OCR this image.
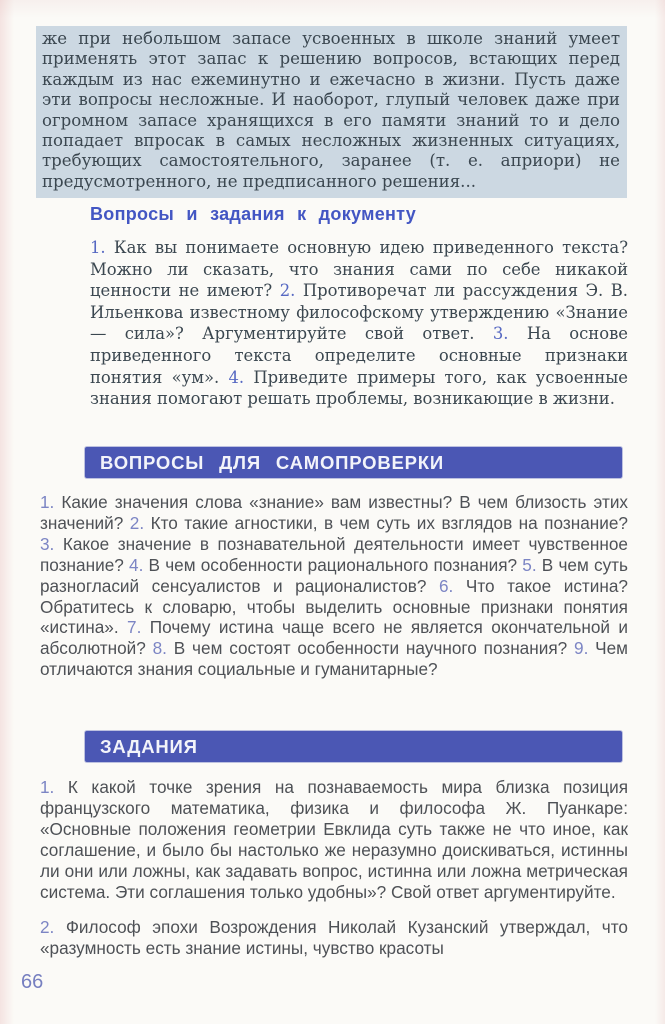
же при небольшом запасе усвоенных в школе знаний умеет применять этот запас к решению вопросов, встающих перед каждым из нас ежеминутно и ежечасно в жизни. Пусть даже эти вопросы несложные. И наоборот, глупый человек даже при огромном запасе хранящихся в его памяти знаний то и дело попадает впросак в самых несложных жизненных ситуациях, требующих самостоятельного, заранее (т. е. априори) не предусмотренного, не предписанного решения...

Вопросы и задания к документу

1. Как вы понимаете основную идею приведенного текста? Можно ли сказать, что знания сами по себе никакой ценности не имеют? 2. Противоречат ли рассуждения Э. В. Ильенкова известному философскому утверждению «Знание — сила»? Аргументируйте свой ответ. 3. На основе приведенного текста определите основные признаки понятия «ум». 4. Приведите примеры того, как усвоенные знания помогают решать проблемы, возникающие в жизни.

ВОПРОСЫ ДЛЯ САМОПРОВЕРКИ

1. Какие значения слова «знание» вам известны? В чем близость этих значений? 2. Кто такие агностики, в чем суть их взглядов на познание? 3. Какое значение в познавательной деятельности имеет чувственное познание? 4. В чем особенности рационального познания? 5. В чем суть разногласий сенсуалистов и рационалистов? 6. Что такое истина? Обратитесь к словарю, чтобы выделить основные признаки понятия «истина». 7. Почему истина чаще всего не является окончательной и абсолютной? 8. В чем состоят особенности научного познания? 9. Чем отличаются знания социальные и гуманитарные?

ЗАДАНИЯ

1. К какой точке зрения на познаваемость мира близка позиция французского математика, физика и философа Ж. Пуанкаре: «Основные положения геометрии Евклида суть также не что иное, как соглашение, и было бы настолько же неразумно доискиваться, истинны ли они или ложны, как задавать вопрос, истинна или ложна метрическая система. Эти соглашения только удобны»? Свой ответ аргументируйте.

2. Философ эпохи Возрождения Николай Кузанский утверждал, что «разумность есть знание истины, чувство красоты

66
